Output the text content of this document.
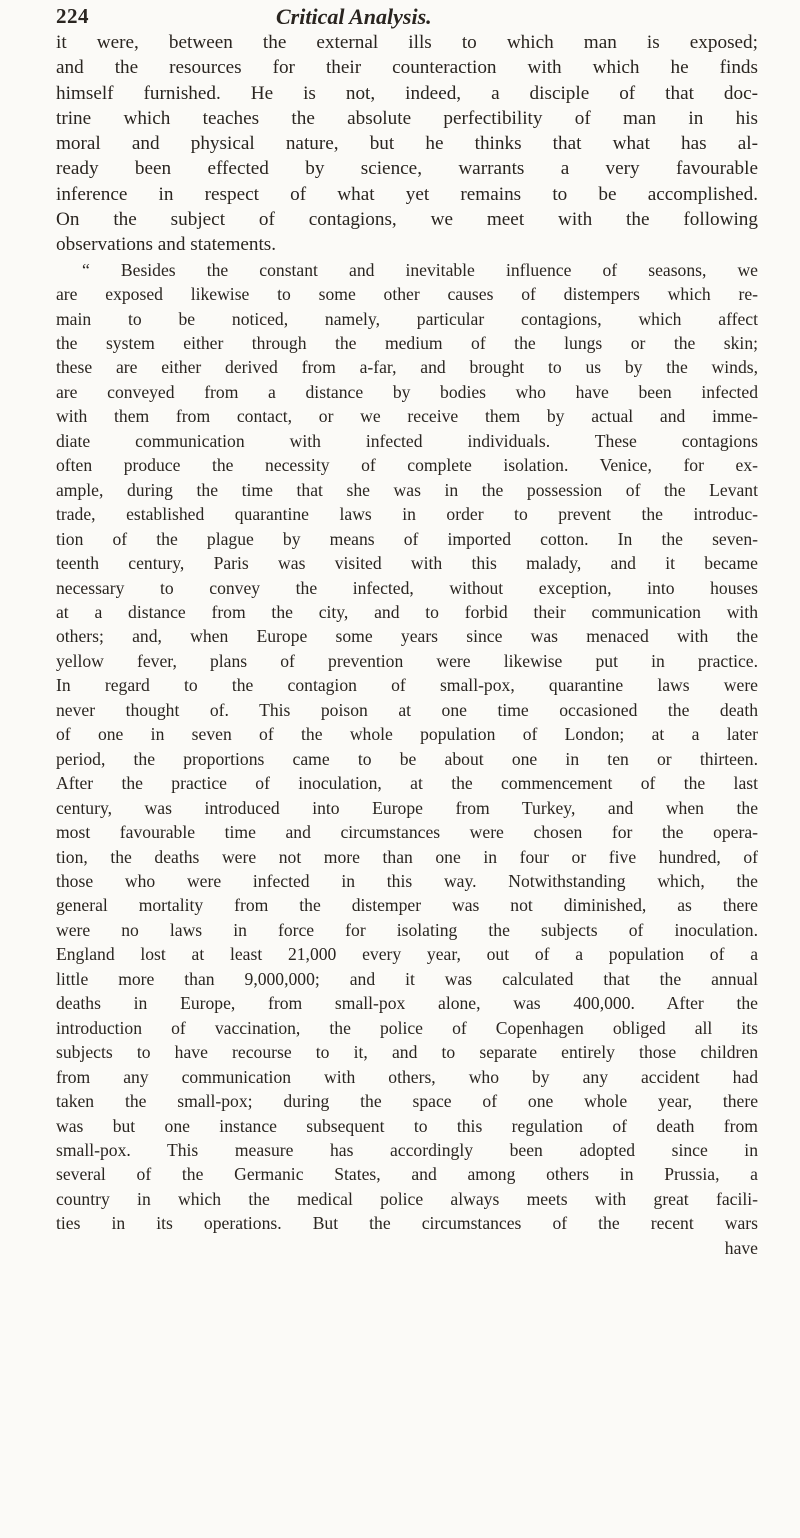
224	Critical Analysis.
it were, between the external ills to which man is exposed;
and the resources for their counteraction with which he finds
himself furnished. He is not, indeed, a disciple of that doc-
trine which teaches the absolute perfectibility of man in his
moral and physical nature, but he thinks that what has al-
ready been effected by science, warrants a very favourable
inference in respect of what yet remains to be accomplished.
On the subject of contagions, we meet with the following
observations and statements.
“ Besides the constant and inevitable influence of seasons, we
are exposed likewise to some other causes of distempers which re-
main to be noticed, namely, particular contagions, which affect
the system either through the medium of the lungs or the skin;
these are either derived from a-far, and brought to us by the winds,
are conveyed from a distance by bodies who have been infected
with them from contact, or we receive them by actual and imme-
diate communication with infected individuals. These contagions
often produce the necessity of complete isolation. Venice, for ex-
ample, during the time that she was in the possession of the Levant
trade, established quarantine laws in order to prevent the introduc-
tion of the plague by means of imported cotton. In the seven-
teenth century, Paris was visited with this malady, and it became
necessary to convey the infected, without exception, into houses
at a distance from the city, and to forbid their communication with
others; and, when Europe some years since was menaced with the
yellow fever, plans of prevention were likewise put in practice.
In regard to the contagion of small-pox, quarantine laws were
never thought of. This poison at one time occasioned the death
of one in seven of the whole population of London; at a later
period, the proportions came to be about one in ten or thirteen.
After the practice of inoculation, at the commencement of the last
century, was introduced into Europe from Turkey, and when the
most favourable time and circumstances were chosen for the opera-
tion, the deaths were not more than one in four or five hundred, of
those who were infected in this way. Notwithstanding which, the
general mortality from the distemper was not diminished, as there
were no laws in force for isolating the subjects of inoculation.
England lost at least 21,000 every year, out of a population of a
little more than 9,000,000; and it was calculated that the annual
deaths in Europe, from small-pox alone, was 400,000. After the
introduction of vaccination, the police of Copenhagen obliged all its
subjects to have recourse to it, and to separate entirely those children
from any communication with others, who by any accident had
taken the small-pox; during the space of one whole year, there
was but one instance subsequent to this regulation of death from
small-pox. This measure has accordingly been adopted since in
several of the Germanic States, and among others in Prussia, a
country in which the medical police always meets with great facili-
ties in its operations. But the circumstances of the recent wars
have
